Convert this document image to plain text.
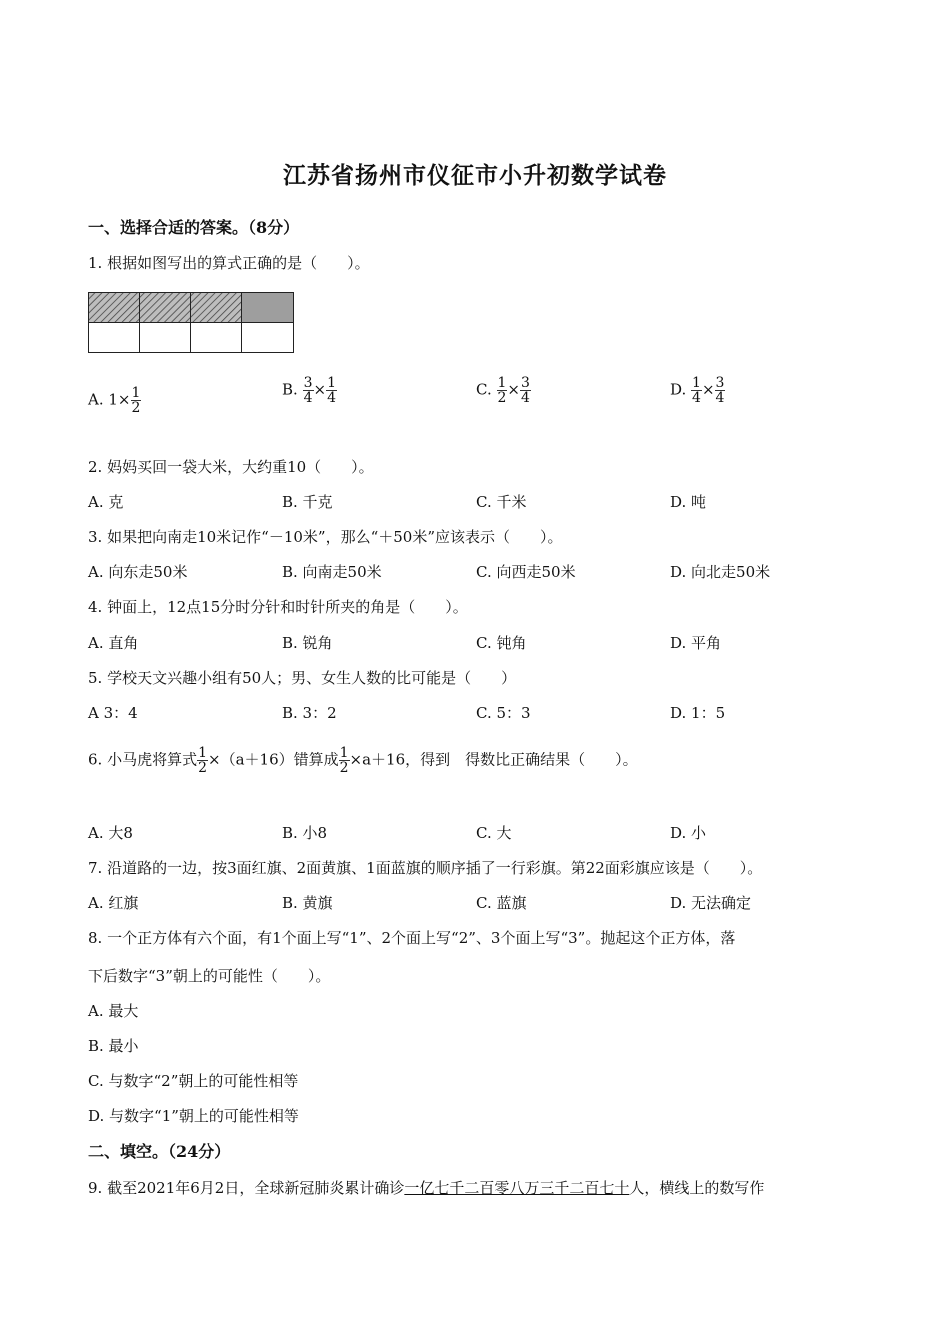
江苏省扬州市仪征市小升初数学试卷
一、选择合适的答案。（8分）
1. 根据如图写出的算式正确的是（　　）。
A. $1\times \frac{1}{2}$	B. $\frac{3}{4} \times \frac{1}{4}$	C. $\frac{1}{2} \times \frac{3}{4}$	D. $\frac{1}{4} \times \frac{3}{4}$
2. 妈妈买回一袋大米，大约重10（　　）。
A. 克	B. 千克	C. 千米	D. 吨
3. 如果把向南走10米记作“－10米”，那么“＋50米”应该表示（　　）。
A. 向东走50米	B. 向南走50米	C. 向西走50米	D. 向北走50米
4. 钟面上，12点15分时分针和时针所夹的角是（　　）。
A. 直角	B. 锐角	C. 钝角	D. 平角
5. 学校天文兴趣小组有50人；男、女生人数的比可能是（　　）
A 3：4	B. 3：2	C. 5：3	D. 1：5
6. 小马虎将算式 $\frac{1}{2} \times(a+16)$错算成 $\frac{1}{2} \times a+16$，得到　得数比正确结果（　　）。
A. 大8	B. 小8	C. 大	D. 小
7. 沿道路的一边，按3面红旗、2面黄旗、1面蓝旗的顺序插了一行彩旗。第22面彩旗应该是（　　）。
A. 红旗	B. 黄旗	C. 蓝旗	D. 无法确定
8. 一个正方体有六个面，有1个面上写“1”、2个面上写“2”、3个面上写“3”。抛起这个正方体，落
下后数字“3”朝上的可能性（　　）。
A. 最大
B. 最小
C. 与数字“2”朝上的可能性相等
D. 与数字“1”朝上的可能性相等
二、填空。（24分）
9. 截至2021年6月2日，全球新冠肺炎累计确诊一亿七千二百零八万三千二百七十人，横线上的数写作
